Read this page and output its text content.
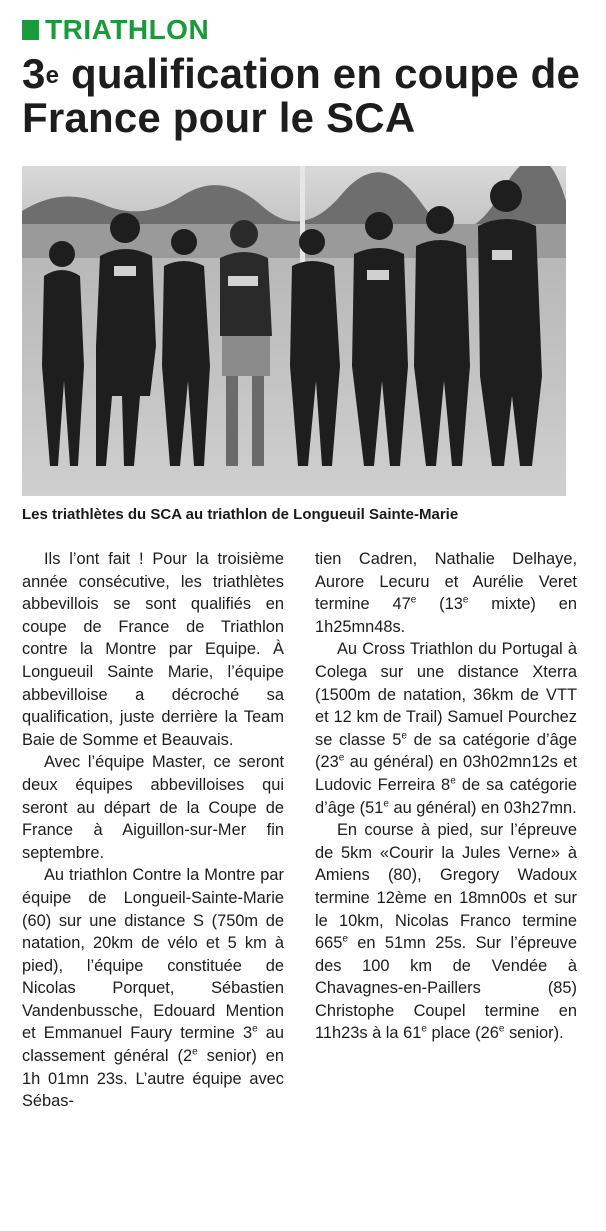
TRIATHLON
3e qualification en coupe de France pour le SCA
Les triathlètes du SCA au triathlon de Longueuil Sainte-Marie

Ils l’ont fait ! Pour la troisième année consécutive, les triathlètes abbevillois se sont qualifiés en coupe de France de Triathlon contre la Montre par Equipe. À Longueuil Sainte Marie, l’équipe abbevilloise a décroché sa qualification, juste derrière la Team Baie de Somme et Beauvais.

Avec l’équipe Master, ce seront deux équipes abbevilloises qui seront au départ de la Coupe de France à Aiguillon-sur-Mer fin septembre.

Au triathlon Contre la Montre par équipe de Longueil-Sainte-Marie (60) sur une distance S (750m de natation, 20km de vélo et 5 km à pied), l’équipe constituée de Nicolas Porquet, Sébastien Vandenbussche, Edouard Mention et Emmanuel Faury termine 3e au classement général (2e senior) en 1h 01mn 23s. L’autre équipe avec Sébas-

tien Cadren, Nathalie Delhaye, Aurore Lecuru et Aurélie Veret termine 47e (13e mixte) en 1h25mn48s.

Au Cross Triathlon du Portugal à Colega sur une distance Xterra (1500m de natation, 36km de VTT et 12 km de Trail) Samuel Pourchez se classe 5e de sa catégorie d’âge (23e au général) en 03h02mn12s et Ludovic Ferreira 8e de sa catégorie d’âge (51e au général) en 03h27mn.

En course à pied, sur l’épreuve de 5km «Courir la Jules Verne» à Amiens (80), Gregory Wadoux termine 12ème en 18mn00s et sur le 10km, Nicolas Franco termine 665e en 51mn 25s. Sur l’épreuve des 100 km de Vendée à Chavagnes-en-Paillers (85) Christophe Coupel termine en 11h23s à la 61e place (26e senior).
